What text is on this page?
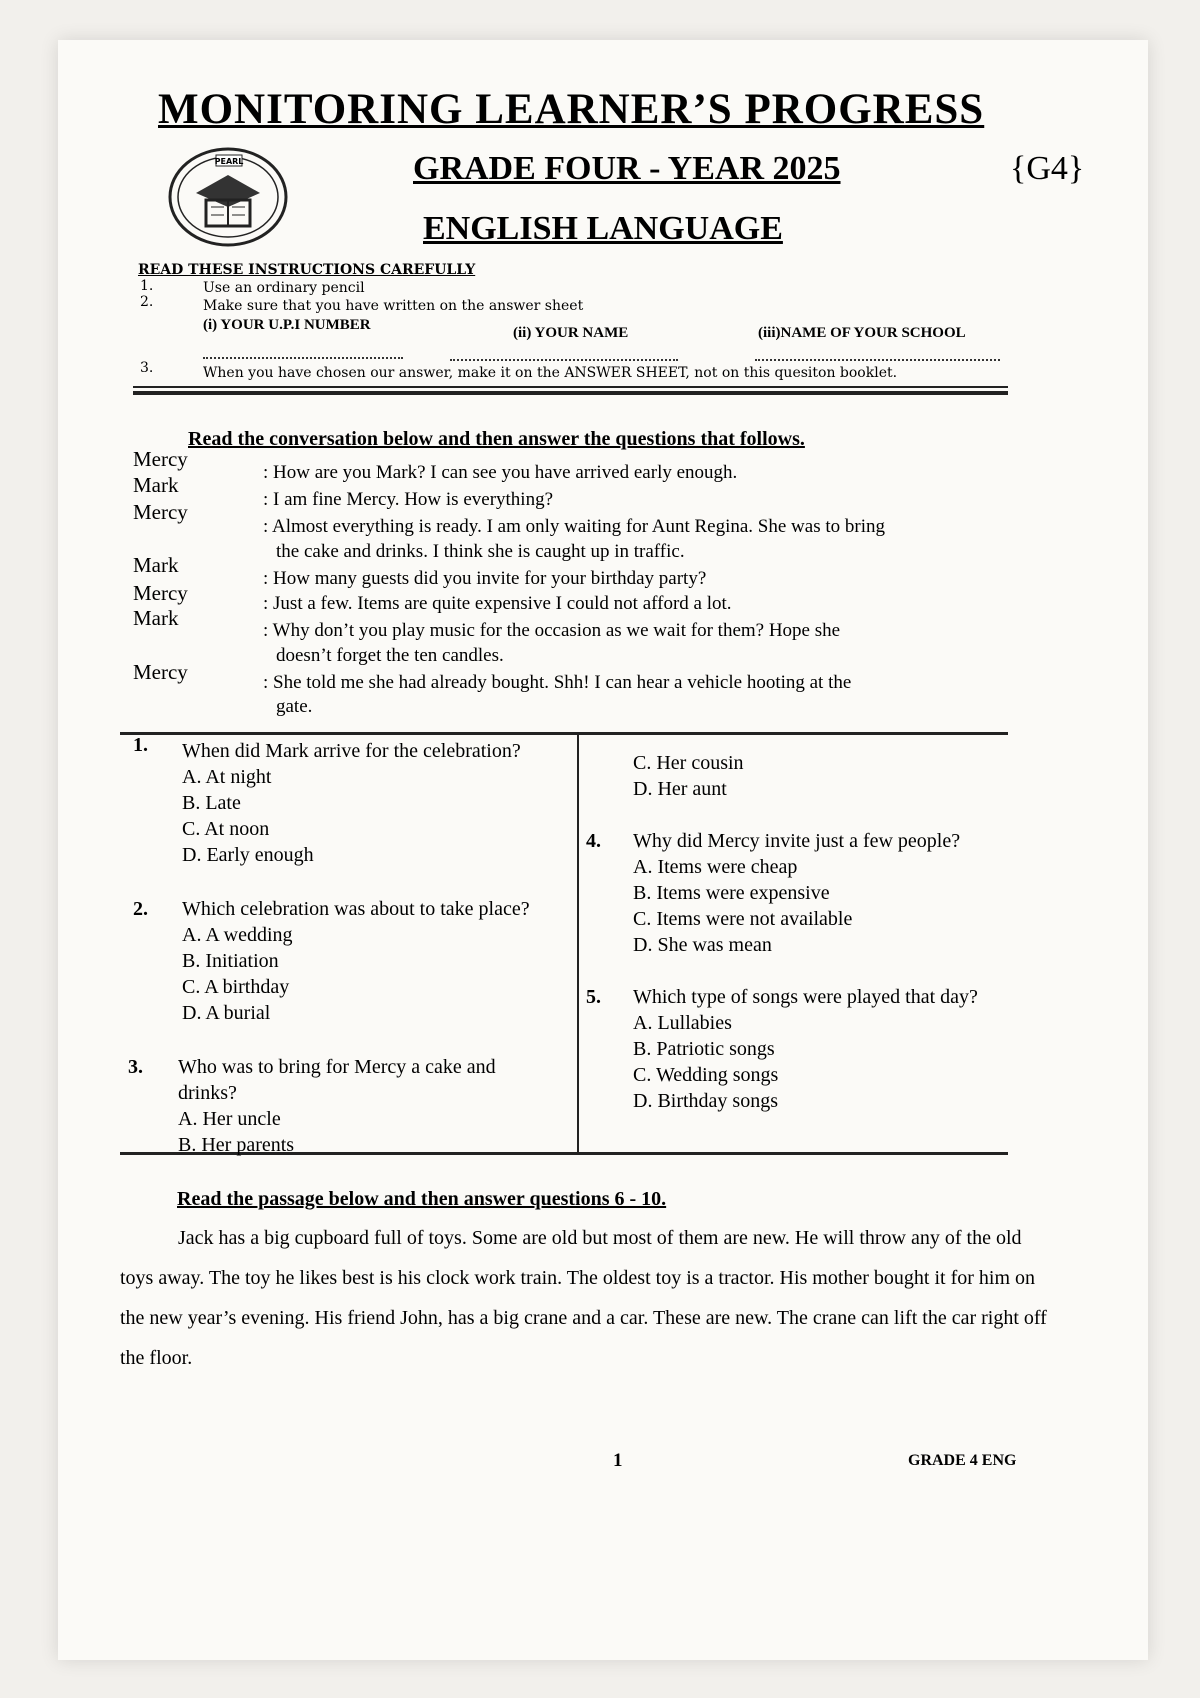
MONITORING LEARNER’S PROGRESS
PEARL	GRADE FOUR - YEAR 2025	{G4}
ENGLISH LANGUAGE
READ THESE INSTRUCTIONS CAREFULLY
1.	Use an ordinary pencil
2.	Make sure that you have written on the answer sheet
(i) YOUR U.P.I NUMBER	(ii) YOUR NAME	(iii)NAME OF YOUR SCHOOL
3.	When you have chosen our answer, make it on the ANSWER SHEET, not on this quesiton booklet.
Read the conversation below and then answer the questions that follows.
Mercy
: How are you Mark? I can see you have arrived early enough.
Mark
: I am fine Mercy. How is everything?
Mercy
: Almost everything is ready. I am only waiting for Aunt Regina. She was to bring
the cake and drinks. I think she is caught up in traffic.
Mark
: How many guests did you invite for your birthday party?
Mercy	: Just a few. Items are quite expensive I could not afford a lot.
Mark
: Why don’t you play music for the occasion as we wait for them? Hope she
doesn’t forget the ten candles.
Mercy	: She told me she had already bought. Shh! I can hear a vehicle hooting at the
gate.
1. When did Mark arrive for the celebration?
A. At night
B. Late
C. At noon
D. Early enough
2. Which celebration was about to take place?
A. A wedding
B. Initiation
C. A birthday
D. A burial
3. Who was to bring for Mercy a cake and
drinks?
A. Her uncle
B. Her parents
C. Her cousin
D. Her aunt
4. Why did Mercy invite just a few people?
A. Items were cheap
B. Items were expensive
C. Items were not available
D. She was mean
5. Which type of songs were played that day?
A. Lullabies
B. Patriotic songs
C. Wedding songs
D. Birthday songs
Read the passage below and then answer questions 6 - 10.
Jack has a big cupboard full of toys. Some are old but most of them are new. He will throw any of the old toys away. The toy he likes best is his clock work train. The oldest toy is a tractor. His mother bought it for him on the new year’s evening. His friend John, has a big crane and a car. These are new. The crane can lift the car right off the floor.
1	GRADE 4 ENG
